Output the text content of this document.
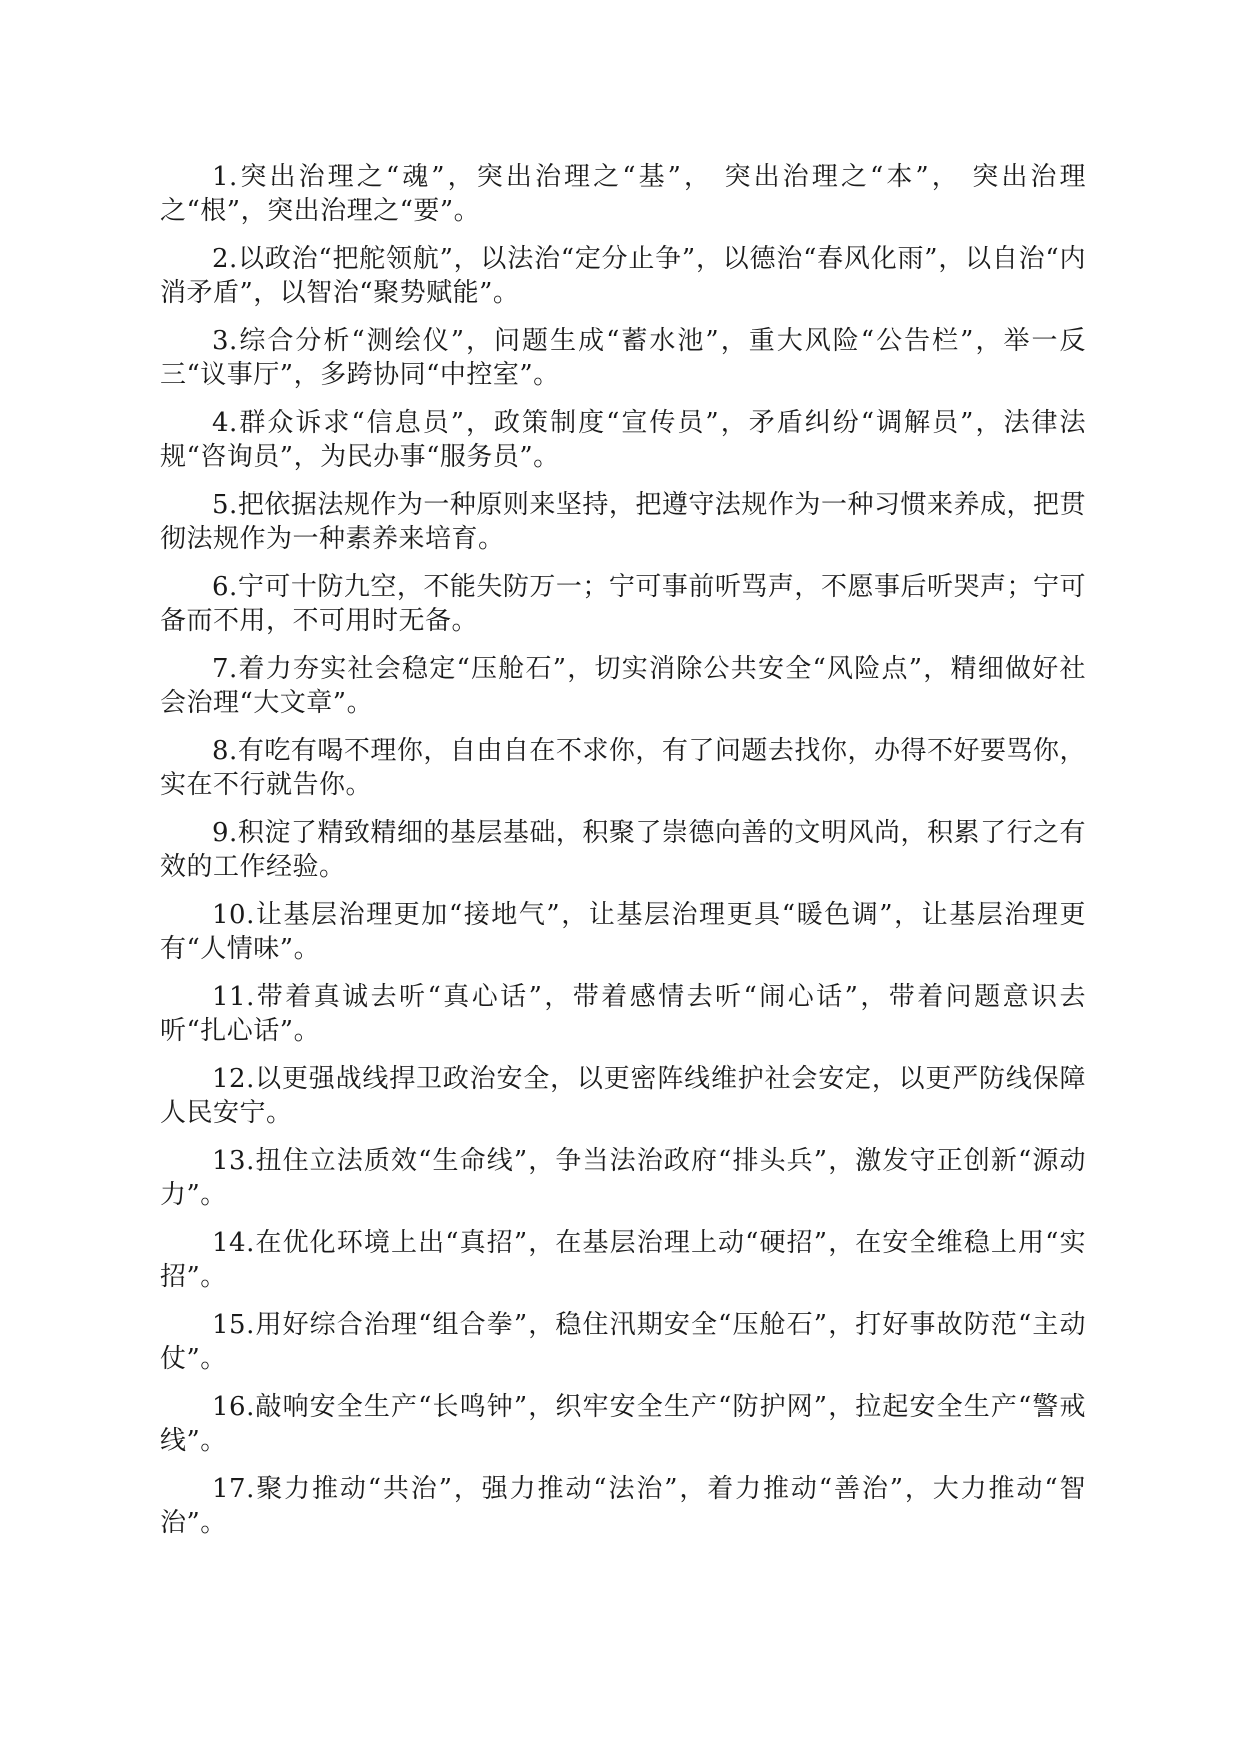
1.突出治理之“魂”，突出治理之“基”， 突出治理之“本”， 突出治理之“根”，突出治理之“要”。

2.以政治“把舵领航”，以法治“定分止争”，以德治“春风化雨”，以自治“内消矛盾”，以智治“聚势赋能”。

3.综合分析“测绘仪”，问题生成“蓄水池”，重大风险“公告栏”，举一反三“议事厅”，多跨协同“中控室”。

4.群众诉求“信息员”，政策制度“宣传员”，矛盾纠纷“调解员”，法律法规“咨询员”，为民办事“服务员”。

5.把依据法规作为一种原则来坚持，把遵守法规作为一种习惯来养成，把贯彻法规作为一种素养来培育。

6.宁可十防九空，不能失防万一；宁可事前听骂声，不愿事后听哭声；宁可备而不用，不可用时无备。

7.着力夯实社会稳定“压舱石”，切实消除公共安全“风险点”，精细做好社会治理“大文章”。

8.有吃有喝不理你，自由自在不求你，有了问题去找你，办得不好要骂你，实在不行就告你。

9.积淀了精致精细的基层基础，积聚了崇德向善的文明风尚，积累了行之有效的工作经验。

10.让基层治理更加“接地气”，让基层治理更具“暖色调”，让基层治理更有“人情味”。

11.带着真诚去听“真心话”，带着感情去听“闹心话”，带着问题意识去听“扎心话”。

12.以更强战线捍卫政治安全，以更密阵线维护社会安定，以更严防线保障人民安宁。

13.扭住立法质效“生命线”，争当法治政府“排头兵”，激发守正创新“源动力”。

14.在优化环境上出“真招”，在基层治理上动“硬招”，在安全维稳上用“实招”。

15.用好综合治理“组合拳”，稳住汛期安全“压舱石”，打好事故防范“主动仗”。

16.敲响安全生产“长鸣钟”，织牢安全生产“防护网”，拉起安全生产“警戒线”。

17.聚力推动“共治”，强力推动“法治”，着力推动“善治”，大力推动“智治”。
